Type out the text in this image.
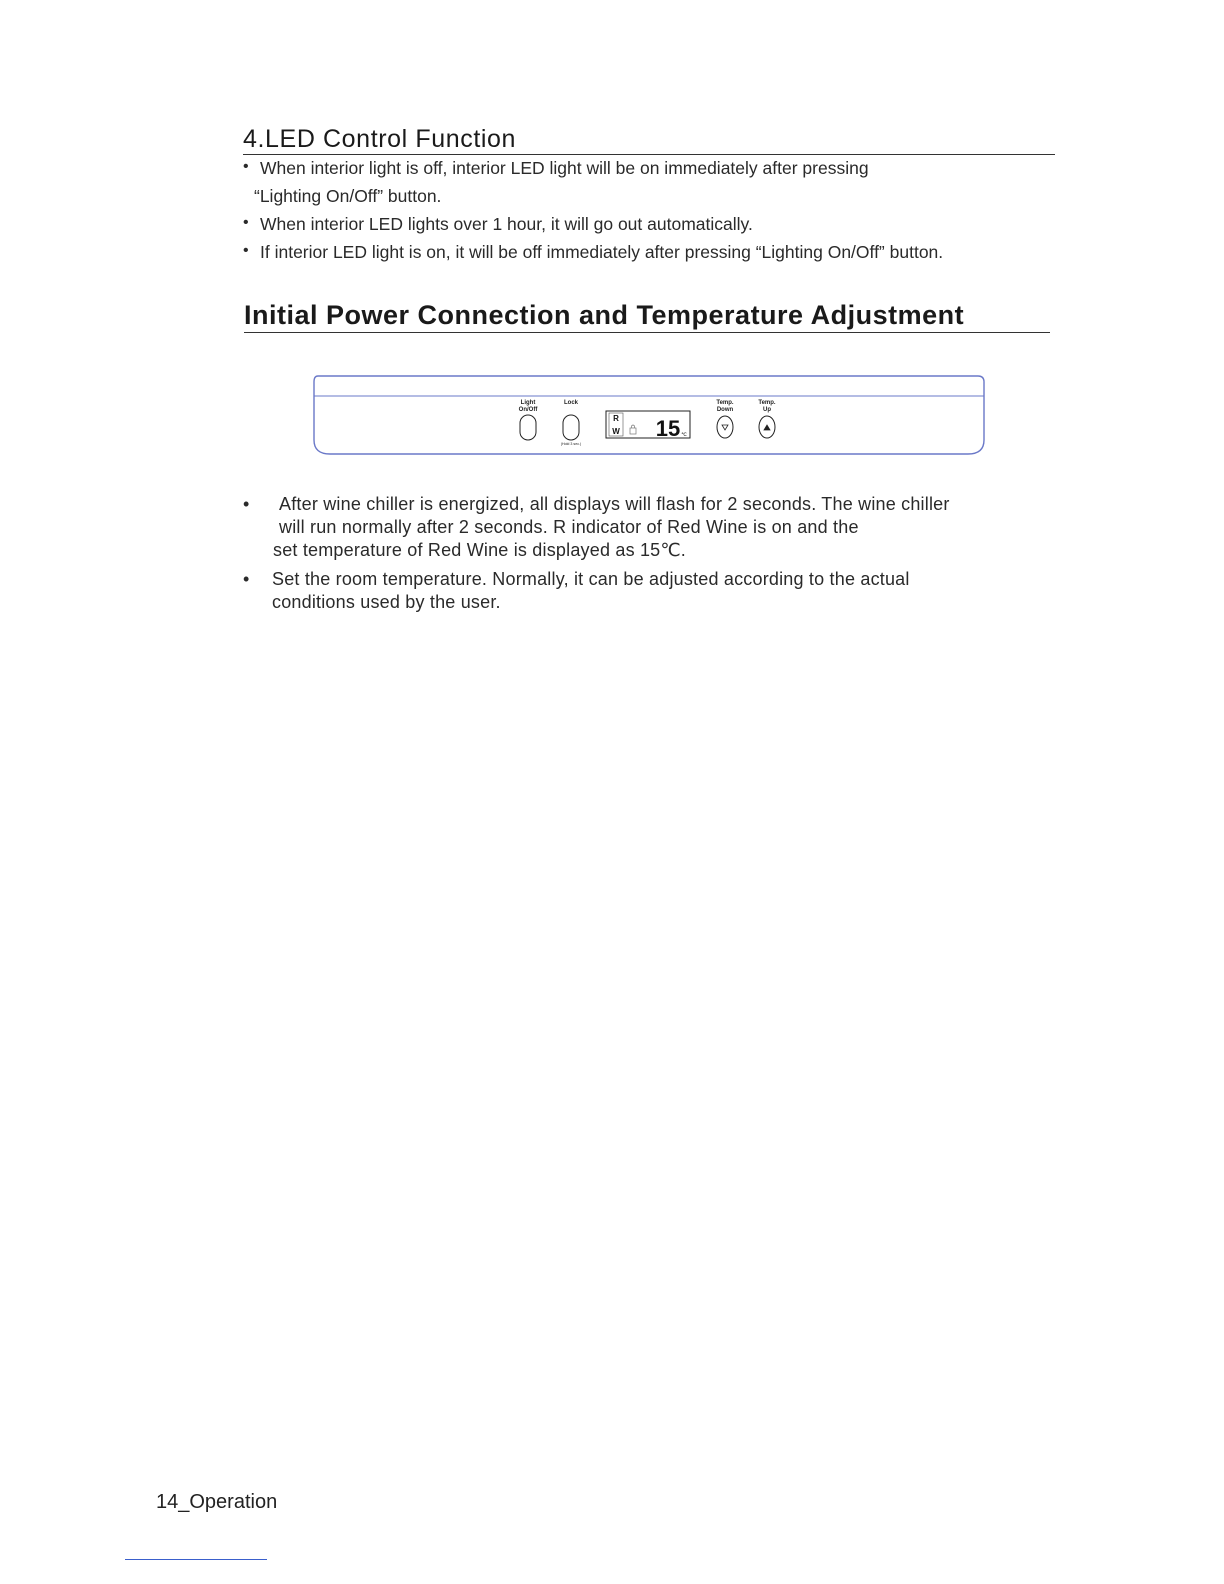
4.LED Control Function
• When interior light is off, interior LED light will be on immediately after pressing
“Lighting On/Off” button.
• When interior LED lights over 1 hour, it will go out automatically.
• If interior LED light is on, it will be off immediately after pressing “Lighting On/Off” button.
Initial Power Connection and Temperature Adjustment
Light
On/Off
Lock
(Hold 3 sec.)
R
W 15 ℃
Temp.
Down
Temp.
Up
• After wine chiller is energized, all displays will flash for 2 seconds. The wine chiller
will run normally after 2 seconds. R indicator of Red Wine is on and the
set temperature of Red Wine is displayed as 15℃.
• Set the room temperature. Normally, it can be adjusted according to the actual
conditions used by the user.
14_Operation
